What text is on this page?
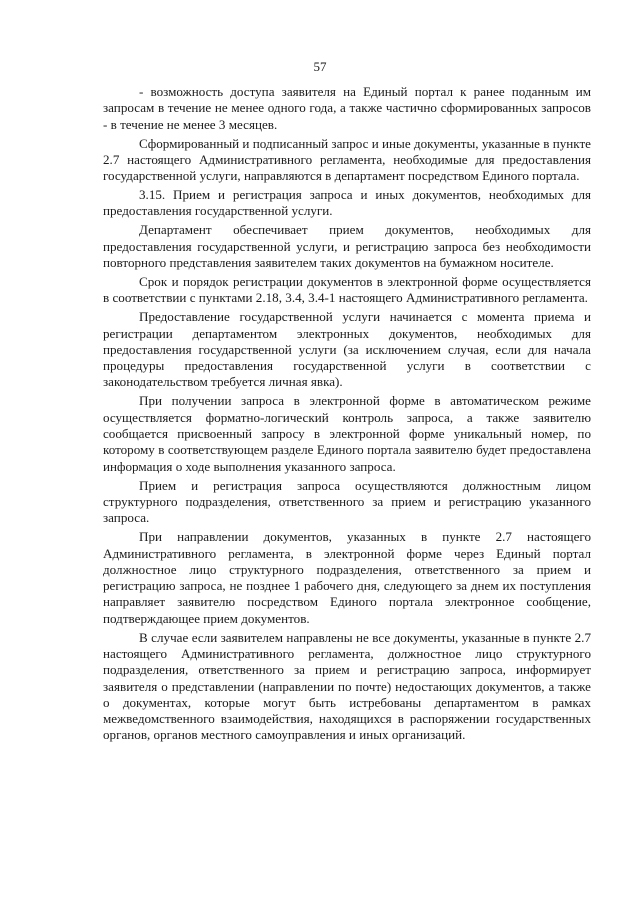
57

- возможность доступа заявителя на Единый портал к ранее поданным им запросам в течение не менее одного года, а также частично сформированных запросов - в течение не менее 3 месяцев.

Сформированный и подписанный запрос и иные документы, указанные в пункте 2.7 настоящего Административного регламента, необходимые для предоставления государственной услуги, направляются в департамент посредством Единого портала.

3.15. Прием и регистрация запроса и иных документов, необходимых для предоставления государственной услуги.

Департамент обеспечивает прием документов, необходимых для предоставления государственной услуги, и регистрацию запроса без необходимости повторного представления заявителем таких документов на бумажном носителе.

Срок и порядок регистрации документов в электронной форме осуществляется в соответствии с пунктами 2.18, 3.4, 3.4-1 настоящего Административного регламента.

Предоставление государственной услуги начинается с момента приема и регистрации департаментом электронных документов, необходимых для предоставления государственной услуги (за исключением случая, если для начала процедуры предоставления государственной услуги в соответствии с законодательством требуется личная явка).

При получении запроса в электронной форме в автоматическом режиме осуществляется форматно-логический контроль запроса, а также заявителю сообщается присвоенный запросу в электронной форме уникальный номер, по которому в соответствующем разделе Единого портала заявителю будет предоставлена информация о ходе выполнения указанного запроса.

Прием и регистрация запроса осуществляются должностным лицом структурного подразделения, ответственного за прием и регистрацию указанного запроса.

При направлении документов, указанных в пункте 2.7 настоящего Административного регламента, в электронной форме через Единый портал должностное лицо структурного подразделения, ответственного за прием и регистрацию запроса, не позднее 1 рабочего дня, следующего за днем их поступления направляет заявителю посредством Единого портала электронное сообщение, подтверждающее прием документов.

В случае если заявителем направлены не все документы, указанные в пункте 2.7 настоящего Административного регламента, должностное лицо структурного подразделения, ответственного за прием и регистрацию запроса, информирует заявителя о представлении (направлении по почте) недостающих документов, а также о документах, которые могут быть истребованы департаментом в рамках межведомственного взаимодействия, находящихся в распоряжении государственных органов, органов местного самоуправления и иных организаций.
